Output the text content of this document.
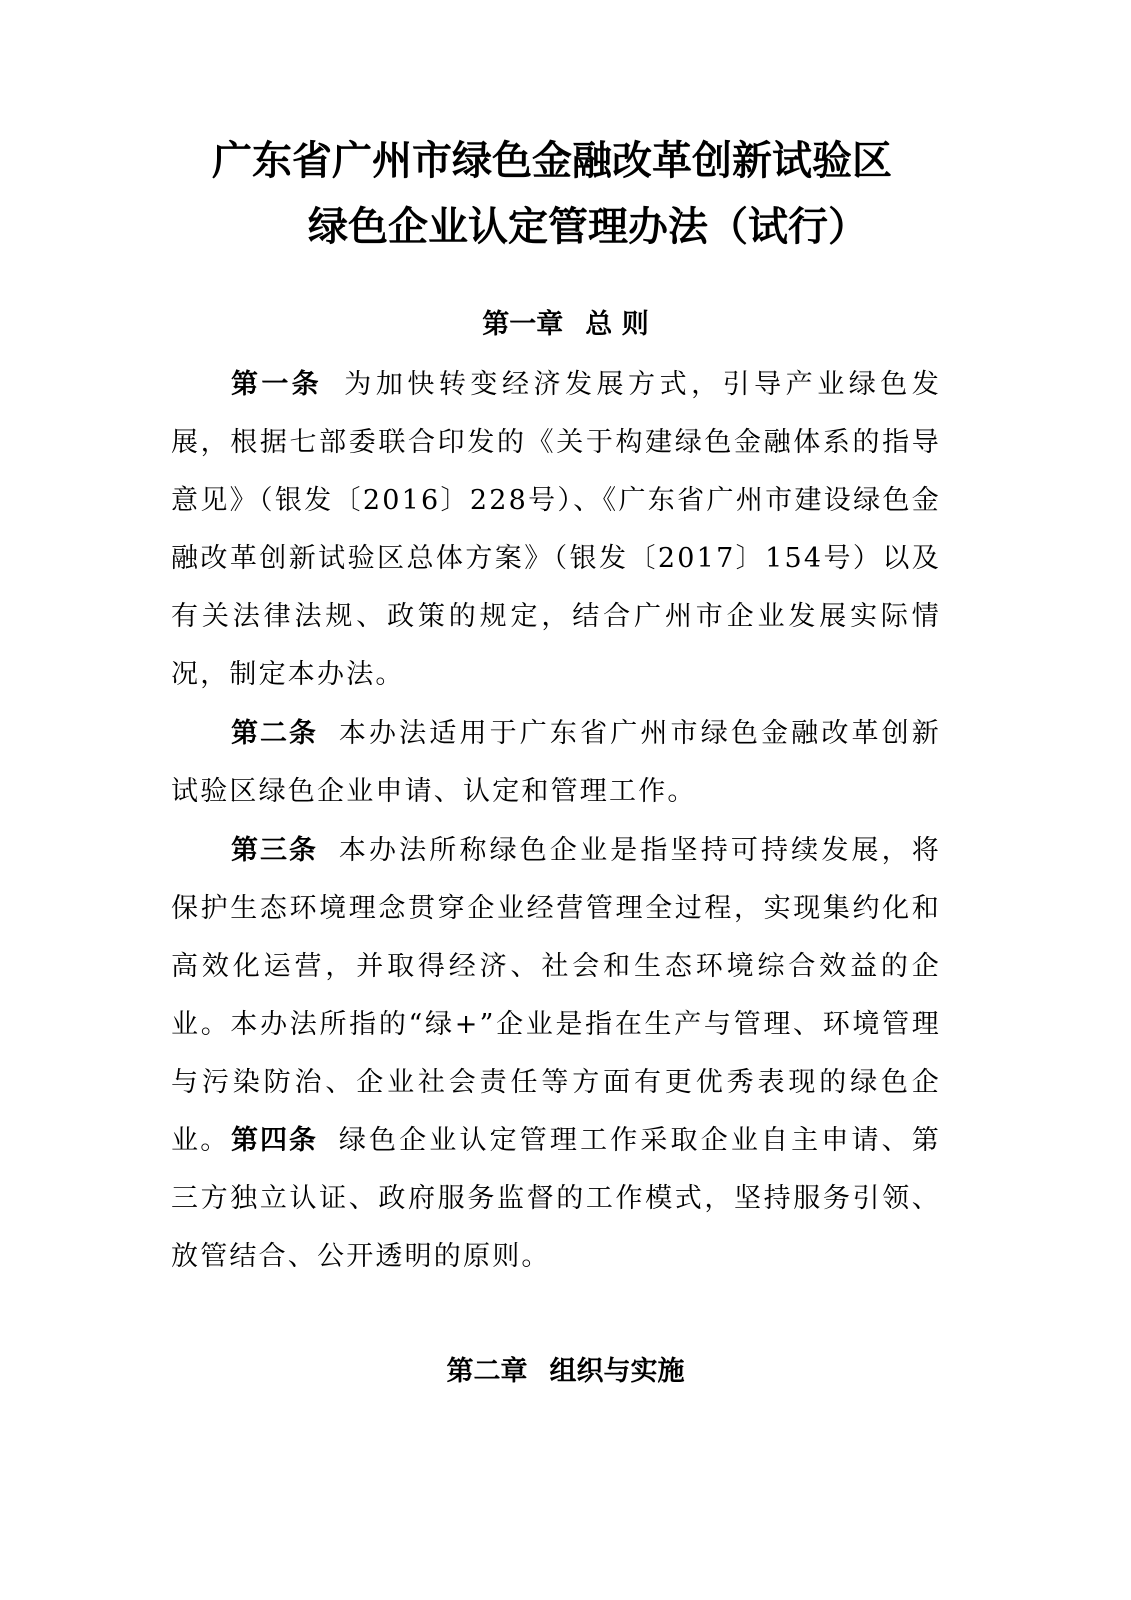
广东省广州市绿色金融改革创新试验区
绿色企业认定管理办法（试行）
第一章 总 则

第一条 为加快转变经济发展方式，引导产业绿色发展，根据七部委联合印发的《关于构建绿色金融体系的指导意见》（银发〔2016〕228号）、《广东省广州市建设绿色金融改革创新试验区总体方案》（银发〔2017〕154号）以及有关法律法规、政策的规定，结合广州市企业发展实际情况，制定本办法。

第二条 本办法适用于广东省广州市绿色金融改革创新试验区绿色企业申请、认定和管理工作。

第三条 本办法所称绿色企业是指坚持可持续发展，将保护生态环境理念贯穿企业经营管理全过程，实现集约化和高效化运营，并取得经济、社会和生态环境综合效益的企业。本办法所指的“绿+”企业是指在生产与管理、环境管理与污染防治、企业社会责任等方面有更优秀表现的绿色企业。 第四条 绿色企业认定管理工作采取企业自主申请、第三方独立认证、政府服务监督的工作模式，坚持服务引领、放管结合、公开透明的原则。

第二章 组织与实施
